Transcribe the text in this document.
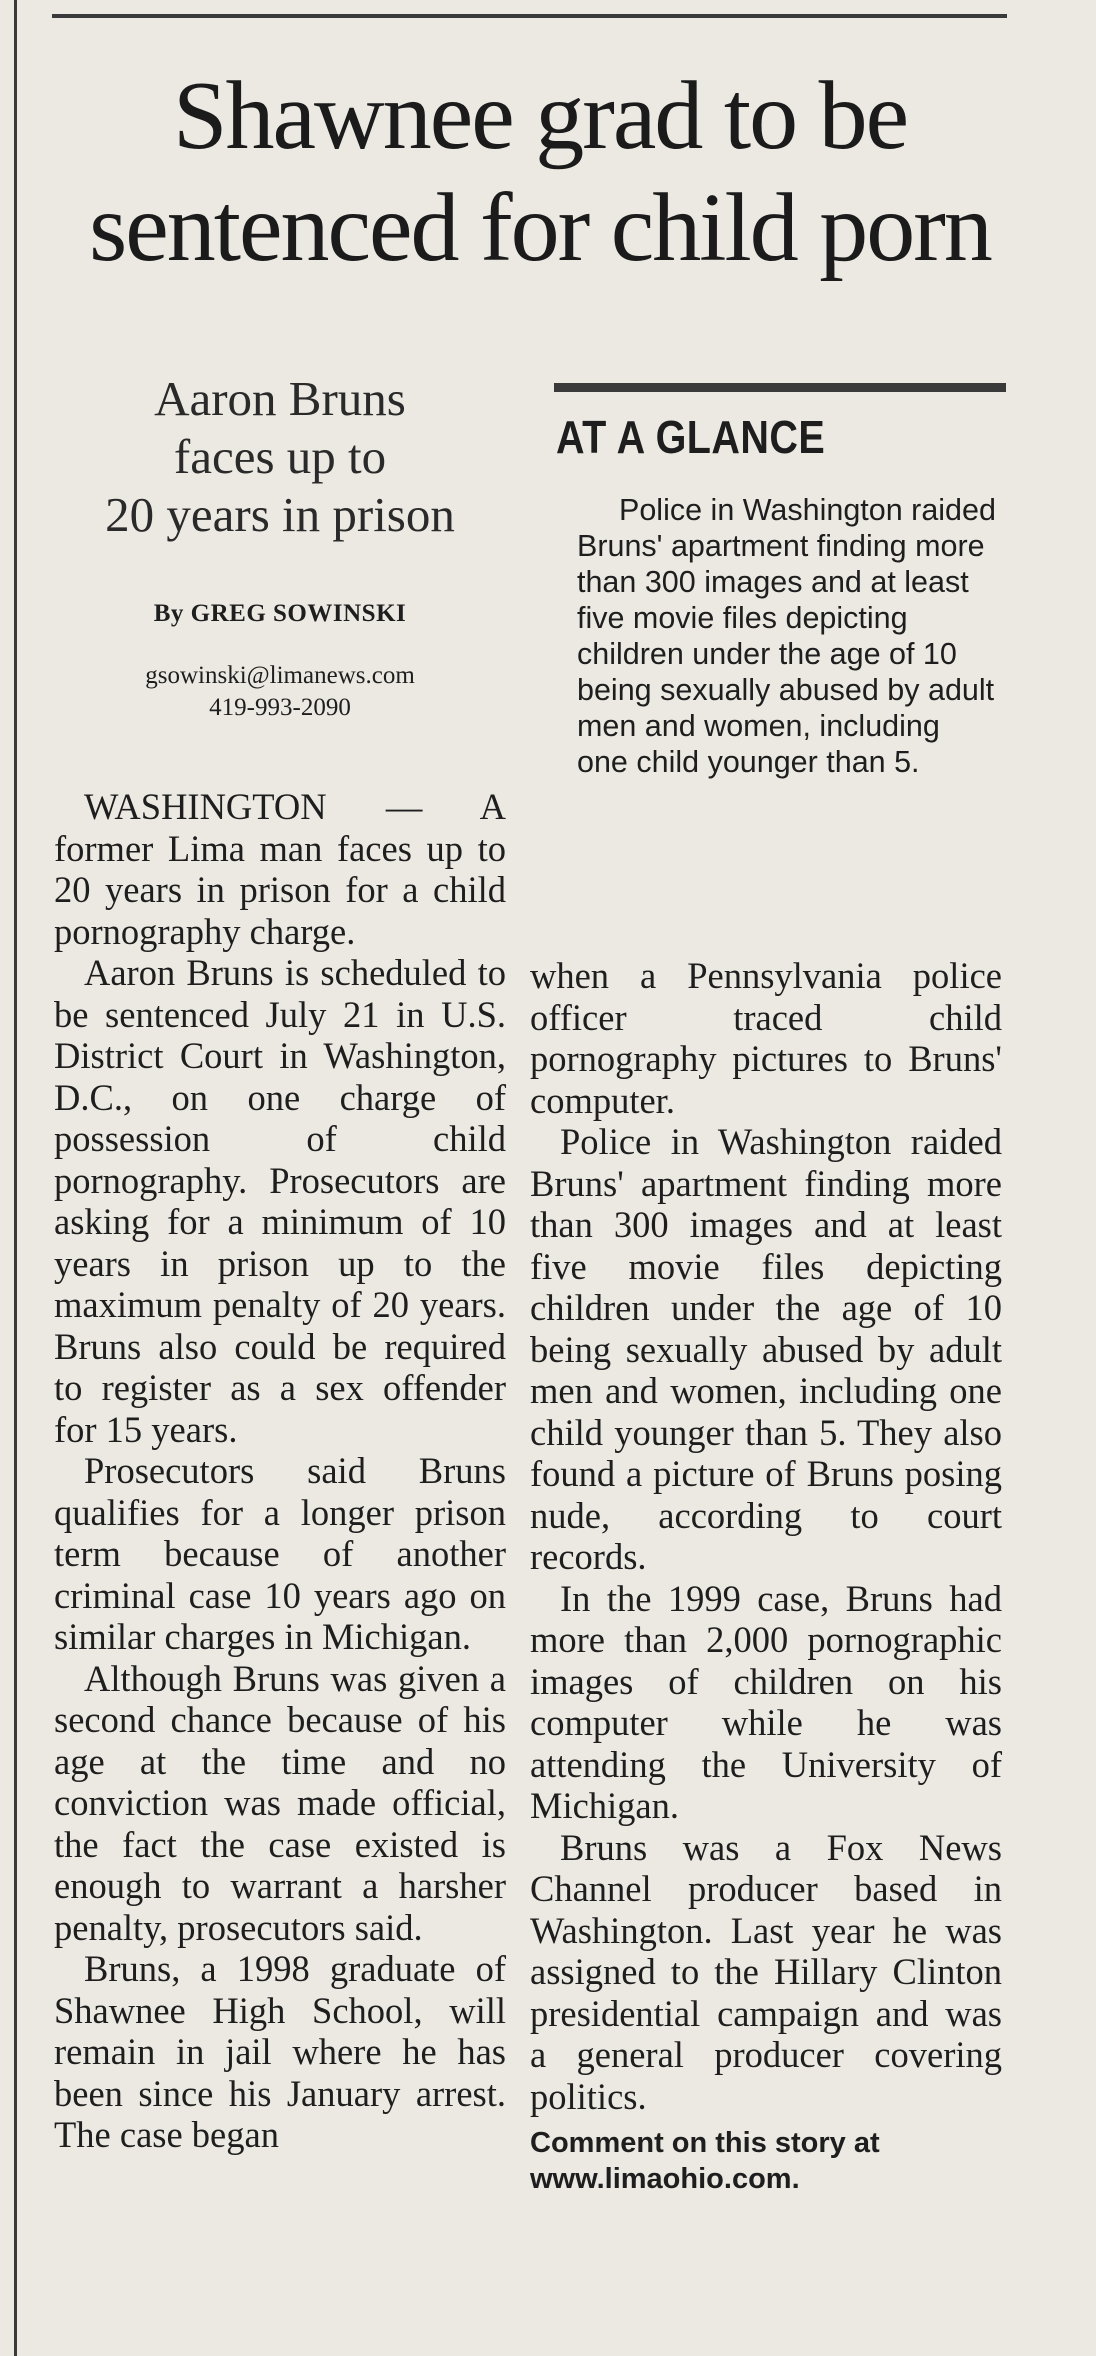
Shawnee grad to be
sentenced for child porn
Aaron Bruns
faces up to
20 years in prison
By GREG SOWINSKI
gsowinski@limanews.com
419-993-2090
AT A GLANCE
Police in Washington raided Bruns' apartment finding more than 300 images and at least five movie files depicting children under the age of 10 being sexually abused by adult men and women, including one child younger than 5.

WASHINGTON — A former Lima man faces up to 20 years in prison for a child pornography charge.

Aaron Bruns is scheduled to be sentenced July 21 in U.S. District Court in Washington, D.C., on one charge of possession of child pornography. Prosecutors are asking for a minimum of 10 years in prison up to the maximum penalty of 20 years. Bruns also could be required to register as a sex offender for 15 years.

Prosecutors said Bruns qualifies for a longer prison term because of another criminal case 10 years ago on similar charges in Michigan.

Although Bruns was given a second chance because of his age at the time and no conviction was made official, the fact the case existed is enough to warrant a harsher penalty, prosecutors said.

Bruns, a 1998 graduate of Shawnee High School, will remain in jail where he has been since his January arrest. The case began

when a Pennsylvania police officer traced child pornography pictures to Bruns' computer.

Police in Washington raided Bruns' apartment finding more than 300 images and at least five movie files depicting children under the age of 10 being sexually abused by adult men and women, including one child younger than 5. They also found a picture of Bruns posing nude, according to court records.

In the 1999 case, Bruns had more than 2,000 pornographic images of children on his computer while he was attending the University of Michigan.

Bruns was a Fox News Channel producer based in Washington. Last year he was assigned to the Hillary Clinton presidential campaign and was a general producer covering politics.

Comment on this story at
www.limaohio.com.
